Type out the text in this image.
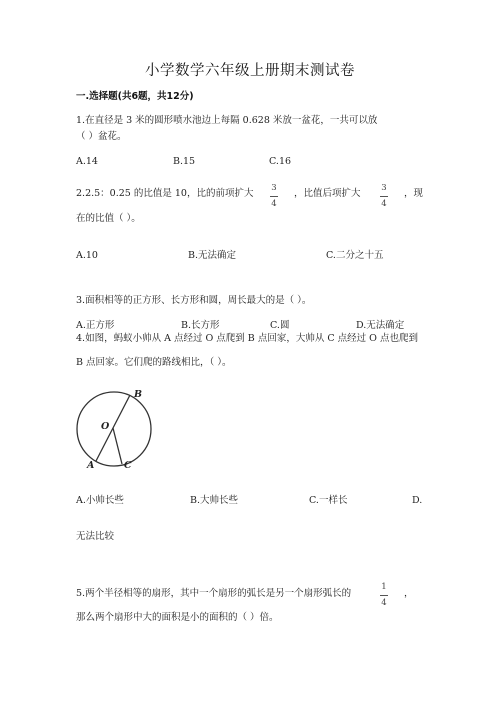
小学数学六年级上册期末测试卷
一.选择题(共6题，共12分)
1.在直径是 3 米的圆形喷水池边上每隔 0.628 米放一盆花，一共可以放
（ ）盆花。
A.14	B.15	C.16
2.2.5：0.25 的比值是 10，比的前项扩大 3
4
，比值后项扩大 3
4
，现
在的比值（ ）。
A.10	B.无法确定	C.二分之十五
3.面积相等的正方形、长方形和圆，周长最大的是（ ）。
A.正方形	B.长方形	C.圆	D.无法确定
4.如图，蚂蚁小帅从 A 点经过 O 点爬到 B 点回家，大帅从 C 点经过 O 点也爬到
B 点回家。它们爬的路线相比，（ ）。
B
O
A	C
A.小帅长些	B.大帅长些	C.一样长	D.
无法比较
5.两个半径相等的扇形，其中一个扇形的弧长是另一个扇形弧长的
1
4
，
那么两个扇形中大的面积是小的面积的（ ）倍。
